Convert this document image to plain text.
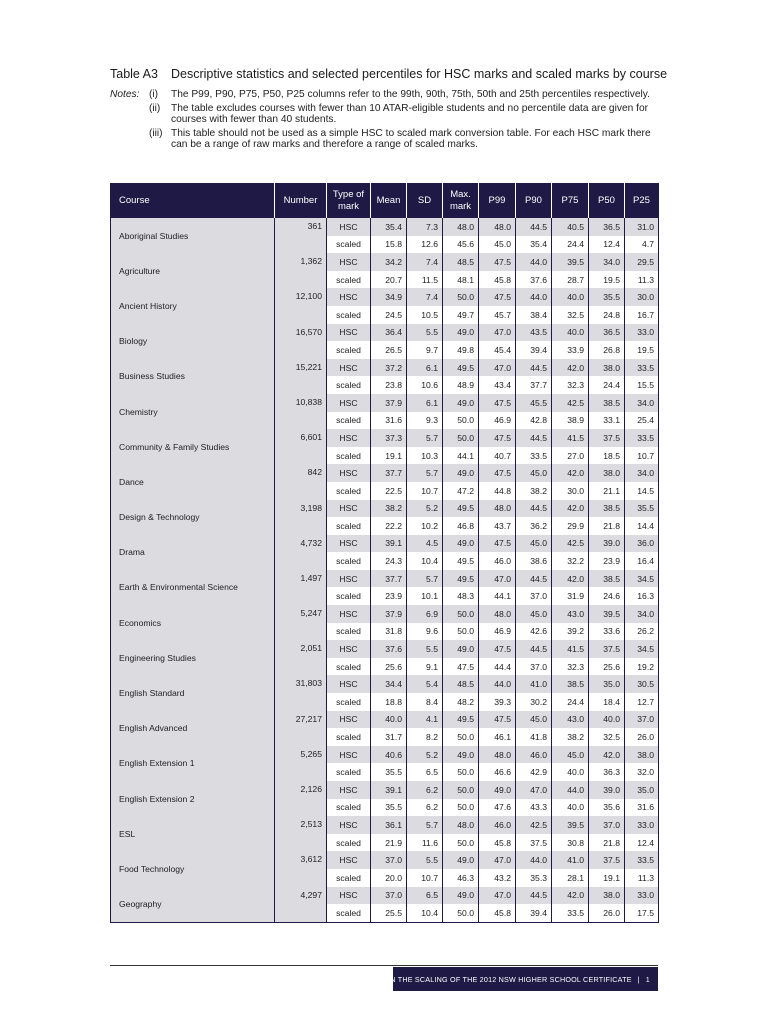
Table A3 Descriptive statistics and selected percentiles for HSC marks and scaled marks by course
Notes: (i)	The P99, P90, P75, P50, P25 columns refer to the 99th, 90th, 75th, 50th and 25th percentiles respectively.
(ii)	The table excludes courses with fewer than 10 ATAR-eligible students and no percentile data are given for courses with fewer than 40 students.
(iii) This table should not be used as a simple HSC to scaled mark conversion table. For each HSC mark there can be a range of raw marks and therefore a range of scaled marks.
Course	Number	Type of mark	Mean	SD	Max. mark	P99	P90	P75	P50	P25
Aboriginal Studies	361	HSC	35.4	7.3	48.0	48.0	44.5	40.5	36.5	31.0
		scaled	15.8	12.6	45.6	45.0	35.4	24.4	12.4	4.7
Agriculture	1,362	HSC	34.2	7.4	48.5	47.5	44.0	39.5	34.0	29.5
		scaled	20.7	11.5	48.1	45.8	37.6	28.7	19.5	11.3
Ancient History	12,100	HSC	34.9	7.4	50.0	47.5	44.0	40.0	35.5	30.0
		scaled	24.5	10.5	49.7	45.7	38.4	32.5	24.8	16.7
Biology	16,570	HSC	36.4	5.5	49.0	47.0	43.5	40.0	36.5	33.0
		scaled	26.5	9.7	49.8	45.4	39.4	33.9	26.8	19.5
Business Studies	15,221	HSC	37.2	6.1	49.5	47.0	44.5	42.0	38.0	33.5
		scaled	23.8	10.6	48.9	43.4	37.7	32.3	24.4	15.5
Chemistry	10,838	HSC	37.9	6.1	49.0	47.5	45.5	42.5	38.5	34.0
		scaled	31.6	9.3	50.0	46.9	42.8	38.9	33.1	25.4
Community & Family Studies	6,601	HSC	37.3	5.7	50.0	47.5	44.5	41.5	37.5	33.5
		scaled	19.1	10.3	44.1	40.7	33.5	27.0	18.5	10.7
Dance	842	HSC	37.7	5.7	49.0	47.5	45.0	42.0	38.0	34.0
		scaled	22.5	10.7	47.2	44.8	38.2	30.0	21.1	14.5
Design & Technology	3,198	HSC	38.2	5.2	49.5	48.0	44.5	42.0	38.5	35.5
		scaled	22.2	10.2	46.8	43.7	36.2	29.9	21.8	14.4
Drama	4,732	HSC	39.1	4.5	49.0	47.5	45.0	42.5	39.0	36.0
		scaled	24.3	10.4	49.5	46.0	38.6	32.2	23.9	16.4
Earth & Environmental Science	1,497	HSC	37.7	5.7	49.5	47.0	44.5	42.0	38.5	34.5
		scaled	23.9	10.1	48.3	44.1	37.0	31.9	24.6	16.3
Economics	5,247	HSC	37.9	6.9	50.0	48.0	45.0	43.0	39.5	34.0
		scaled	31.8	9.6	50.0	46.9	42.6	39.2	33.6	26.2
Engineering Studies	2,051	HSC	37.6	5.5	49.0	47.5	44.5	41.5	37.5	34.5
		scaled	25.6	9.1	47.5	44.4	37.0	32.3	25.6	19.2
English Standard	31,803	HSC	34.4	5.4	48.5	44.0	41.0	38.5	35.0	30.5
		scaled	18.8	8.4	48.2	39.3	30.2	24.4	18.4	12.7
English Advanced	27,217	HSC	40.0	4.1	49.5	47.5	45.0	43.0	40.0	37.0
		scaled	31.7	8.2	50.0	46.1	41.8	38.2	32.5	26.0
English Extension 1	5,265	HSC	40.6	5.2	49.0	48.0	46.0	45.0	42.0	38.0
		scaled	35.5	6.5	50.0	46.6	42.9	40.0	36.3	32.0
English Extension 2	2,126	HSC	39.1	6.2	50.0	49.0	47.0	44.0	39.0	35.0
		scaled	35.5	6.2	50.0	47.6	43.3	40.0	35.6	31.6
ESL	2,513	HSC	36.1	5.7	48.0	46.0	42.5	39.5	37.0	33.0
		scaled	21.9	11.6	50.0	45.8	37.5	30.8	21.8	12.4
Food Technology	3,612	HSC	37.0	5.5	49.0	47.0	44.0	41.0	37.5	33.5
		scaled	20.0	10.7	46.3	43.2	35.3	28.1	19.1	11.3
Geography	4,297	HSC	37.0	6.5	49.0	47.0	44.5	42.0	38.0	33.0
		scaled	25.5	10.4	50.0	45.8	39.4	33.5	26.0	17.5
REPORT ON THE SCALING OF THE 2012 NSW HIGHER SCHOOL CERTIFICATE | 1
